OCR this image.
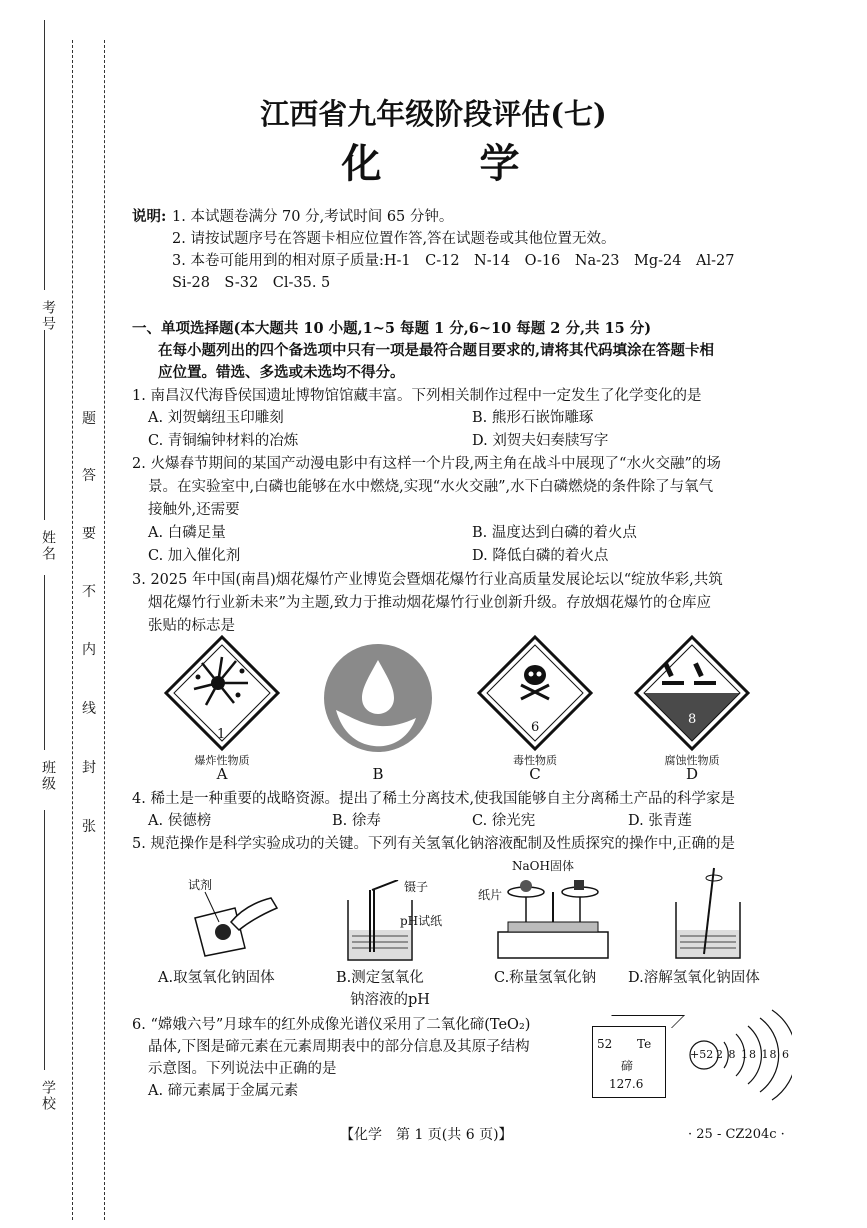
考号
姓名
班级
学校
题
答
要
不
内
线
封
张
江西省九年级阶段评估(七)
化　　学
说明: 1. 本试题卷满分 70 分,考试时间 65 分钟。
2. 请按试题序号在答题卡相应位置作答,答在试题卷或其他位置无效。
3. 本卷可能用到的相对原子质量:H-1　C-12　N-14　O-16　Na-23　Mg-24　Al-27
Si-28　S-32　Cl-35. 5
一、单项选择题(本大题共 10 小题,1~5 每题 1 分,6~10 每题 2 分,共 15 分)
在每小题列出的四个备选项中只有一项是最符合题目要求的,请将其代码填涂在答题卡相
应位置。错选、多选或未选均不得分。
1. 南昌汉代海昏侯国遗址博物馆馆藏丰富。下列相关制作过程中一定发生了化学变化的是
A. 刘贺螭纽玉印雕刻	B. 熊形石嵌饰雕琢
C. 青铜编钟材料的冶炼	D. 刘贺夫妇奏牍写字
2. 火爆春节期间的某国产动漫电影中有这样一个片段,两主角在战斗中展现了“水火交融”的场
景。在实验室中,白磷也能够在水中燃烧,实现“水火交融”,水下白磷燃烧的条件除了与氧气
接触外,还需要
A. 白磷足量	B. 温度达到白磷的着火点
C. 加入催化剂	D. 降低白磷的着火点
3. 2025 年中国(南昌)烟花爆竹产业博览会暨烟花爆竹行业高质量发展论坛以“绽放华彩,共筑
烟花爆竹行业新未来”为主题,致力于推动烟花爆竹行业创新升级。存放烟花爆竹的仓库应
张贴的标志是
1
爆炸性物质
A	B
6
毒性物质
C
8
腐蚀性物质
D
4. 稀土是一种重要的战略资源。提出了稀土分离技术,使我国能够自主分离稀土产品的科学家是
A. 侯德榜	B. 徐寿	C. 徐光宪	D. 张青莲
5. 规范操作是科学实验成功的关键。下列有关氢氧化钠溶液配制及性质探究的操作中,正确的是
试剂	镊子
pH试纸
NaOH固体
纸片
A.取氢氧化钠固体	B.测定氢氧化
钠溶液的pH
C.称量氢氧化钠 D.溶解氢氧化钠固体
6. “嫦娥六号”月球车的红外成像光谱仪采用了二氧化碲(TeO₂)
晶体,下图是碲元素在元素周期表中的部分信息及其原子结构
示意图。下列说法中正确的是
A. 碲元素属于金属元素
52 Te
碲
127.6
+52 2 8 18 18 6
【化学　第 1 页(共 6 页)】	· 25 - CZ204c ·
